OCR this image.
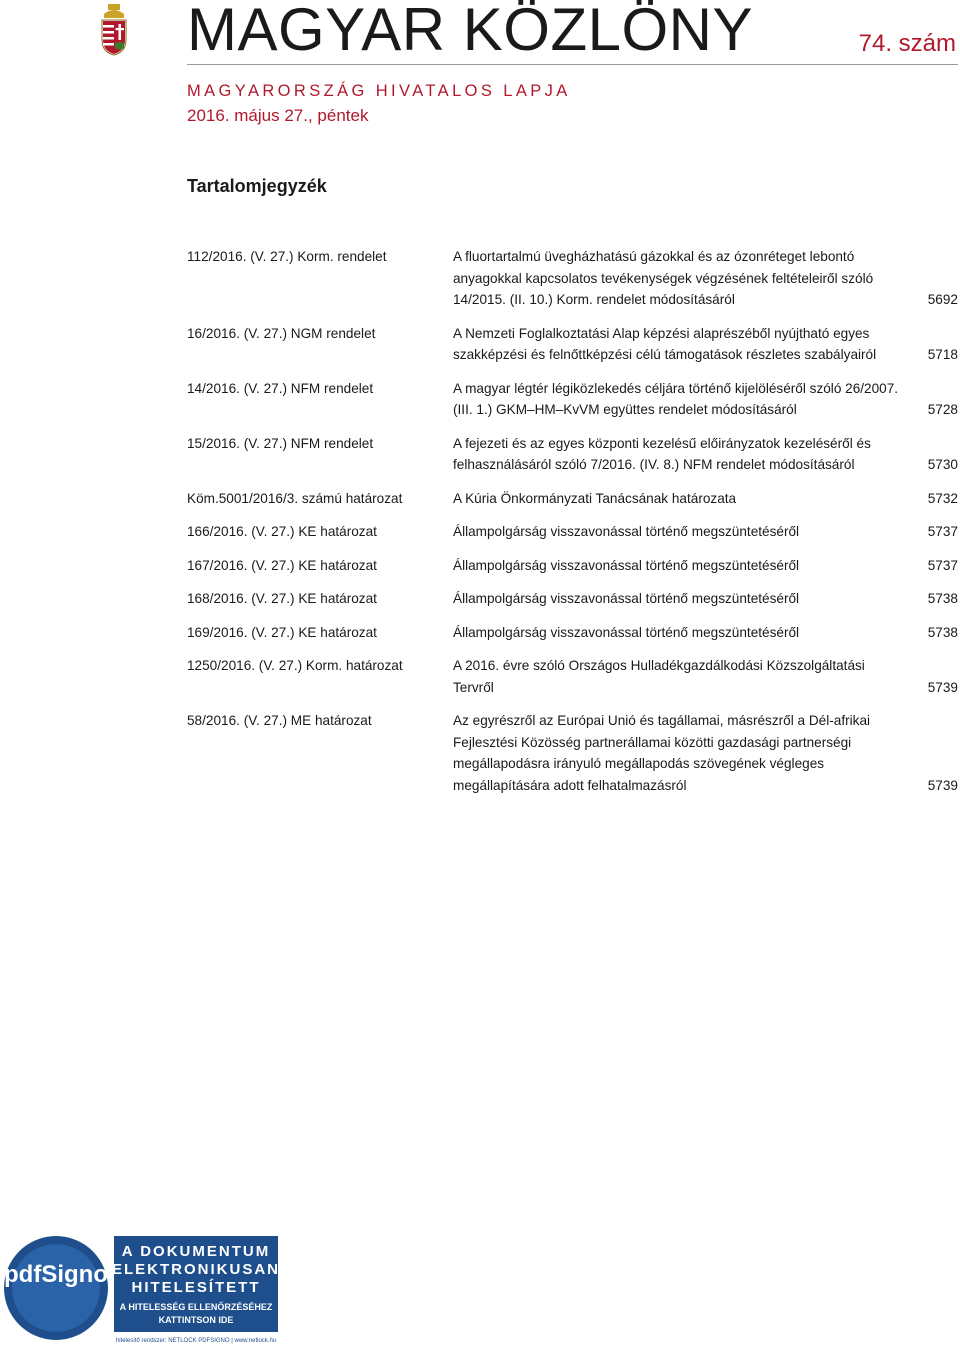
MAGYAR KÖZLÖNY	74. szám
MAGYARORSZÁG HIVATALOS LAPJA
2016. május 27., péntek
Tartalomjegyzék
112/2016. (V. 27.) Korm. rendelet	A fluortartalmú üvegházhatású gázokkal és az ózonréteget lebontó anyagokkal kapcsolatos tevékenységek végzésének feltételeiről szóló 14/2015. (II. 10.) Korm. rendelet módosításáról	5692
16/2016. (V. 27.) NGM rendelet	A Nemzeti Foglalkoztatási Alap képzési alaprészéből nyújtható egyes szakképzési és felnőttképzési célú támogatások részletes szabályairól	5718
14/2016. (V. 27.) NFM rendelet	A magyar légtér légiközlekedés céljára történő kijelöléséről szóló 26/2007. (III. 1.) GKM–HM–KvVM együttes rendelet módosításáról	5728
15/2016. (V. 27.) NFM rendelet	A fejezeti és az egyes központi kezelésű előirányzatok kezeléséről és felhasználásáról szóló 7/2016. (IV. 8.) NFM rendelet módosításáról	5730
Köm.5001/2016/3. számú határozat	A Kúria Önkormányzati Tanácsának határozata	5732
166/2016. (V. 27.) KE határozat	Állampolgárság visszavonással történő megszüntetéséről	5737
167/2016. (V. 27.) KE határozat	Állampolgárság visszavonással történő megszüntetéséről	5737
168/2016. (V. 27.) KE határozat	Állampolgárság visszavonással történő megszüntetéséről	5738
169/2016. (V. 27.) KE határozat	Állampolgárság visszavonással történő megszüntetéséről	5738
1250/2016. (V. 27.) Korm. határozat	A 2016. évre szóló Országos Hulladékgazdálkodási Közszolgáltatási Tervről	5739
58/2016. (V. 27.) ME határozat	Az egyrészről az Európai Unió és tagállamai, másrészről a Dél-afrikai Fejlesztési Közösség partnerállamai közötti gazdasági partnerségi megállapodásra irányuló megállapodás szövegének végleges megállapítására adott felhatalmazásról	5739
pdfSigno
A DOKUMENTUM
ELEKTRONIKUSAN
HITELESÍTETT
A HITELESSÉG ELLENŐRZÉSÉHEZ
KATTINTSON IDE
hitelesítő rendszer: NETLOCK PDFSIGNO | www.netlock.hu
